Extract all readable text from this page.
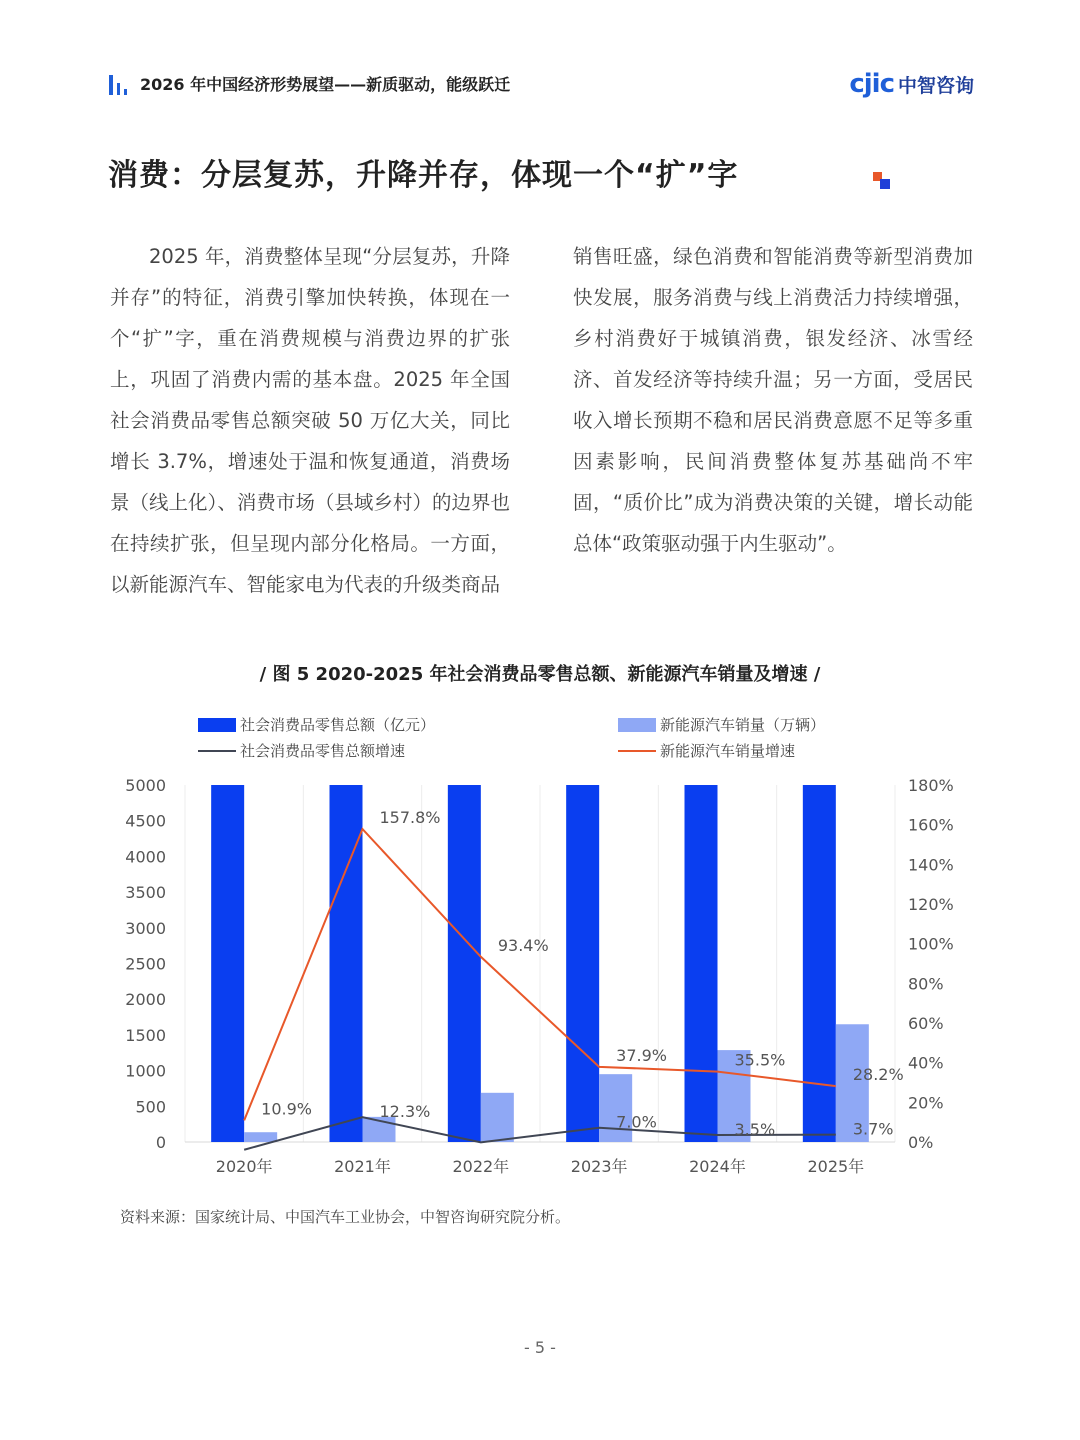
2026 年中国经济形势展望——新质驱动，能级跃迁	cjic 中智咨询
消费：分层复苏，升降并存，体现一个“扩”字
2025 年，消费整体呈现“分层复苏，升降并存”的特征，消费引擎加快转换，体现在一个“扩”字，重在消费规模与消费边界的扩张上，巩固了消费内需的基本盘。2025 年全国社会消费品零售总额突破 50 万亿大关，同比增长 3.7%，增速处于温和恢复通道，消费场景（线上化）、消费市场（县域乡村）的边界也在持续扩张，但呈现内部分化格局。一方面，以新能源汽车、智能家电为代表的升级类商品
销售旺盛，绿色消费和智能消费等新型消费加快发展，服务消费与线上消费活力持续增强，乡村消费好于城镇消费，银发经济、冰雪经济、首发经济等持续升温；另一方面，受居民收入增长预期不稳和居民消费意愿不足等多重因素影响，民间消费整体复苏基础尚不牢固，“质价比”成为消费决策的关键，增长动能总体“政策驱动强于内生驱动”。
/ 图 5 2020-2025 年社会消费品零售总额、新能源汽车销量及增速 /
社会消费品零售总额（亿元）
社会消费品零售总额增速
新能源汽车销量（万辆）
新能源汽车销量增速
0
500
1000
1500
2000
2500
3000
3500
4000
4500
5000
0%
20%
40%
60%
80%
100%
120%
140%
160%
180%
2020年	2021年	2022年	2023年	2024年	2025年
10.9%
157.8%
93.4%
37.9%	35.5%
28.2%
12.3%
7.0%	3.5%	3.7%
资料来源：国家统计局、中国汽车工业协会，中智咨询研究院分析。
- 5 -
